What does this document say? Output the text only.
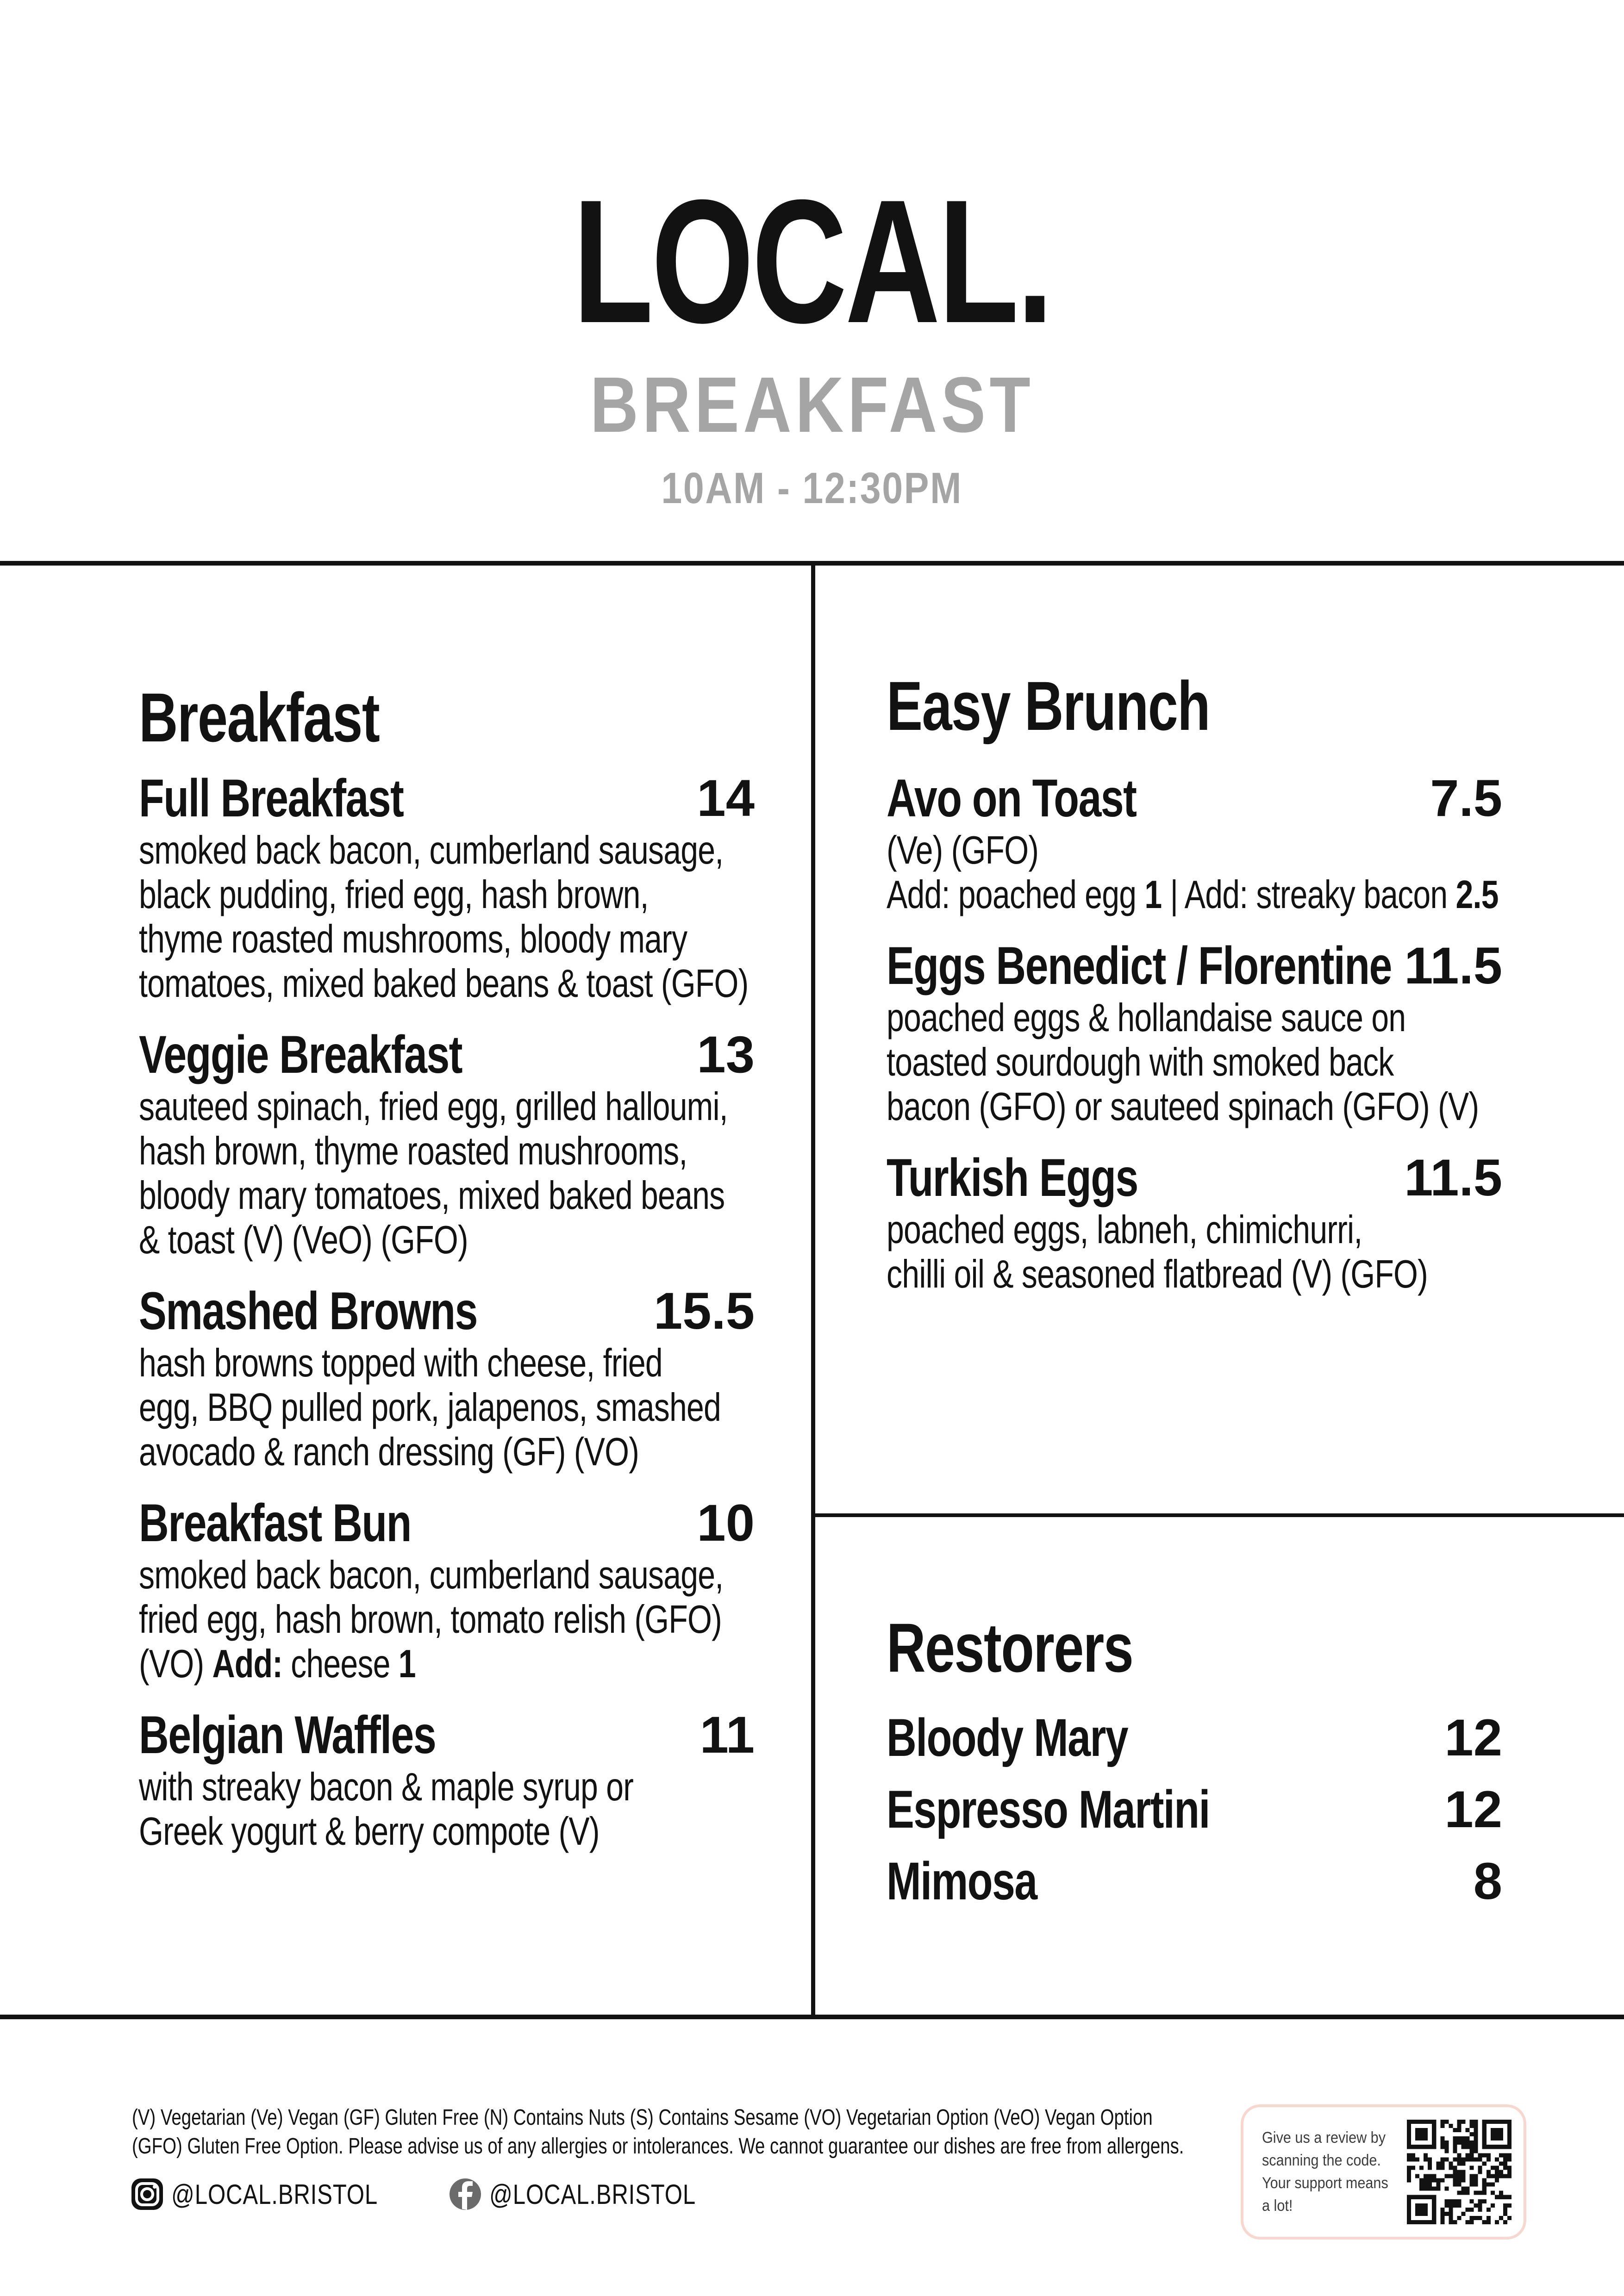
LOCAL.
BREAKFAST
10AM - 12:30PM
Breakfast
Full Breakfast	14
smoked back bacon, cumberland sausage,
black pudding, fried egg, hash brown,
thyme roasted mushrooms, bloody mary
tomatoes, mixed baked beans & toast (GFO)
Veggie Breakfast	13
sauteed spinach, fried egg, grilled halloumi,
hash brown, thyme roasted mushrooms,
bloody mary tomatoes, mixed baked beans
& toast (V) (VeO) (GFO)
Smashed Browns	15.5
hash browns topped with cheese, fried
egg, BBQ pulled pork, jalapenos, smashed
avocado & ranch dressing (GF) (VO)
Breakfast Bun	10
smoked back bacon, cumberland sausage,
fried egg, hash brown, tomato relish (GFO)
(VO) Add: cheese 1
Belgian Waffles	11
with streaky bacon & maple syrup or
Greek yogurt & berry compote (V)
Easy Brunch
Avo on Toast	7.5
(Ve) (GFO)
Add: poached egg 1 | Add: streaky bacon 2.5
Eggs Benedict / Florentine 11.5
poached eggs & hollandaise sauce on
toasted sourdough with smoked back
bacon (GFO) or sauteed spinach (GFO) (V)
Turkish Eggs	11.5
poached eggs, labneh, chimichurri,
chilli oil & seasoned flatbread (V) (GFO)
Restorers
Bloody Mary	12
Espresso Martini	12
Mimosa	8
(V) Vegetarian (Ve) Vegan (GF) Gluten Free (N) Contains Nuts (S) Contains Sesame (VO) Vegetarian Option (VeO) Vegan Option
(GFO) Gluten Free Option. Please advise us of any allergies or intolerances. We cannot guarantee our dishes are free from allergens.
@LOCAL.BRISTOL	@LOCAL.BRISTOL
Give us a review by
scanning the code.
Your support means
a lot!
